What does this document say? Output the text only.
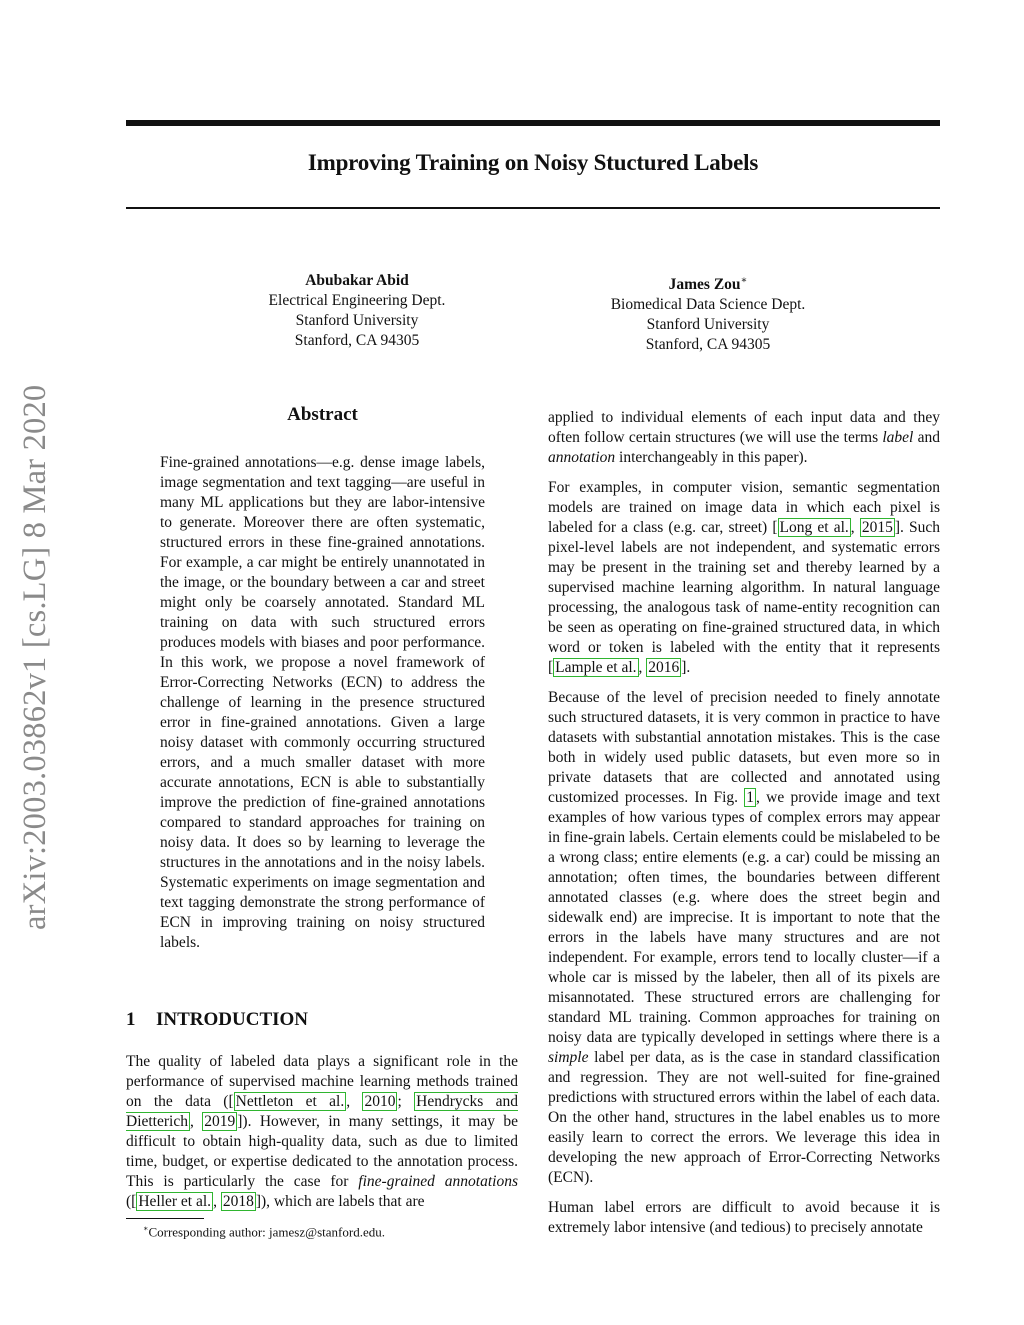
Improving Training on Noisy Stuctured Labels
arXiv:2003.03862v1 [cs.LG] 8 Mar 2020
Abubakar Abid
Electrical Engineering Dept.
Stanford University
Stanford, CA 94305
James Zou∗
Biomedical Data Science Dept.
Stanford University
Stanford, CA 94305
Abstract

Fine-grained annotations—e.g. dense image labels, image segmentation and text tagging—are useful in many ML applications but they are labor-intensive to generate. Moreover there are often systematic, structured errors in these fine-grained annotations. For example, a car might be entirely unannotated in the image, or the boundary between a car and street might only be coarsely annotated. Standard ML training on data with such structured errors produces models with biases and poor performance. In this work, we propose a novel framework of Error-Correcting Networks (ECN) to address the challenge of learning in the presence structured error in fine-grained annotations. Given a large noisy dataset with commonly occurring structured errors, and a much smaller dataset with more accurate annotations, ECN is able to substantially improve the prediction of fine-grained annotations compared to standard approaches for training on noisy data. It does so by learning to leverage the structures in the annotations and in the noisy labels. Systematic experiments on image segmentation and text tagging demonstrate the strong performance of ECN in improving training on noisy structured labels.

1 INTRODUCTION

The quality of labeled data plays a significant role in the performance of supervised machine learning methods trained on the data ([ Nettleton et al. , 2010 ; Hendrycks and Dietterich , 2019 ]). However, in many settings, it may be difficult to obtain high-quality data, such as due to limited time, budget, or expertise dedicated to the annotation process. This is particularly the case for fine-grained annotations ([ Heller et al. , 2018 ]), which are labels that are

∗Corresponding author: jamesz@stanford.edu.

applied to individual elements of each input data and they often follow certain structures (we will use the terms label and annotation interchangeably in this paper).

For examples, in computer vision, semantic segmentation models are trained on image data in which each pixel is labeled for a class (e.g. car, street) [ Long et al. , 2015 ]. Such pixel-level labels are not independent, and systematic errors may be present in the training set and thereby learned by a supervised machine learning algorithm. In natural language processing, the analogous task of name-entity recognition can be seen as operating on fine-grained structured data, in which word or token is labeled with the entity that it represents [ Lample et al. , 2016 ].

Because of the level of precision needed to finely annotate such structured datasets, it is very common in practice to have datasets with substantial annotation mistakes. This is the case both in widely used public datasets, but even more so in private datasets that are collected and annotated using customized processes. In Fig. 1 , we provide image and text examples of how various types of complex errors may appear in fine-grain labels. Certain elements could be mislabeled to be a wrong class; entire elements (e.g. a car) could be missing an annotation; often times, the boundaries between different annotated classes (e.g. where does the street begin and sidewalk end) are imprecise. It is important to note that the errors in the labels have many structures and are not independent. For example, errors tend to locally cluster—if a whole car is missed by the labeler, then all of its pixels are misannotated. These structured errors are challenging for standard ML training. Common approaches for training on noisy data are typically developed in settings where there is a simple label per data, as is the case in standard classification and regression. They are not well-suited for fine-grained predictions with structured errors within the label of each data. On the other hand, structures in the label enables us to more easily learn to correct the errors. We leverage this idea in developing the new approach of Error-Correcting Networks (ECN).

Human label errors are difficult to avoid because it is extremely labor intensive (and tedious) to precisely annotate
